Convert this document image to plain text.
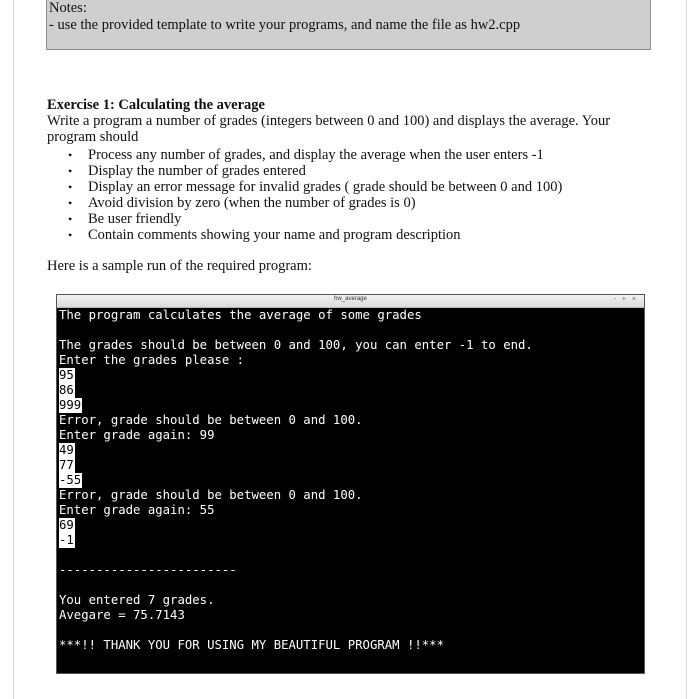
Notes:
- use the provided template to write your programs, and name the file as hw2.cpp
Exercise 1: Calculating the average

Write a program a number of grades (integers between 0 and 100) and displays the average. Your program should

• Process any number of grades, and display the average when the user enters -1
• Display the number of grades entered
• Display an error message for invalid grades ( grade should be between 0 and 100)
• Avoid division by zero (when the number of grades is 0)
• Be user friendly
• Contain comments showing your name and program description
Here is a sample run of the required program:
hw_average	- + ×
The program calculates the average of some grades
The grades should be between 0 and 100, you can enter -1 to end.
Enter the grades please :
95
86
999
Error, grade should be between 0 and 100.
Enter grade again: 99
49
77
-55
Error, grade should be between 0 and 100.
Enter grade again: 55
69
-1
------------------------
You entered 7 grades.
Avegare = 75.7143
***!! THANK YOU FOR USING MY BEAUTIFUL PROGRAM !!***
